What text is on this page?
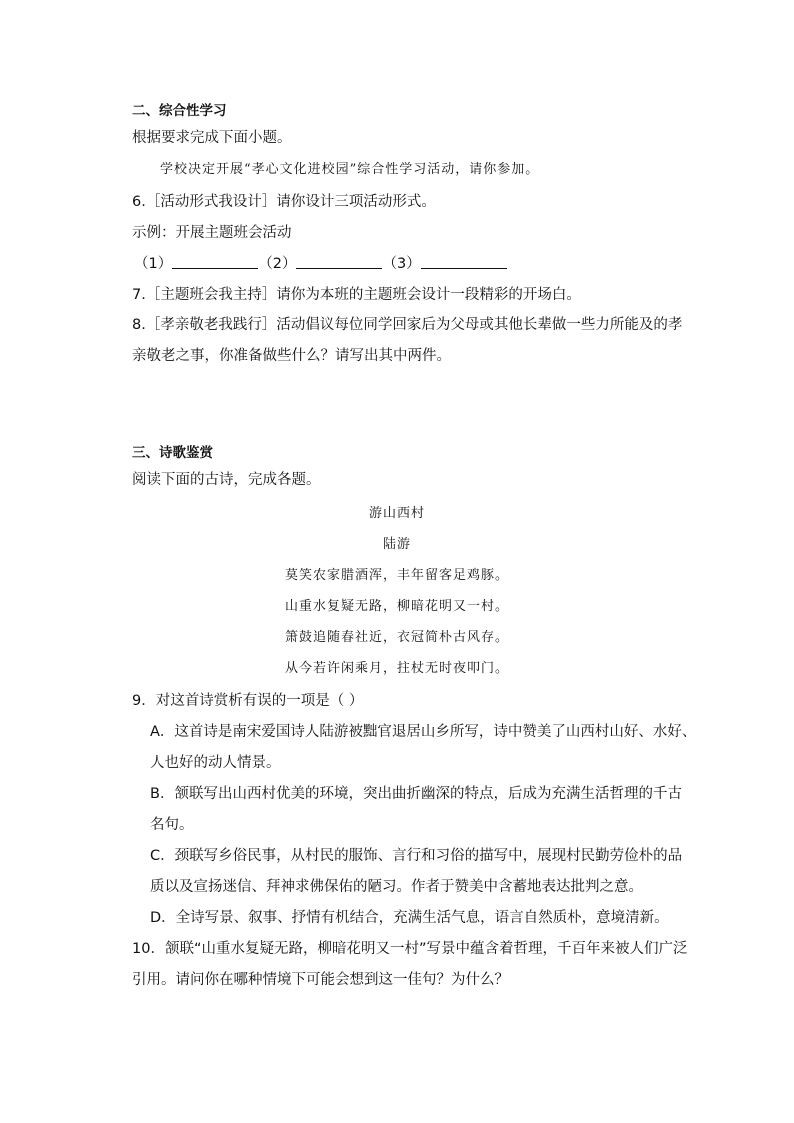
二、综合性学习
根据要求完成下面小题。
学校决定开展“孝心文化进校园”综合性学习活动，请你参加。
6.［活动形式我设计］请你设计三项活动形式。
示例：开展主题班会活动
（1）	（2）	（3）
7.［主题班会我主持］请你为本班的主题班会设计一段精彩的开场白。
8.［孝亲敬老我践行］活动倡议每位同学回家后为父母或其他长辈做一些力所能及的孝
亲敬老之事，你准备做些什么？请写出其中两件。
三、诗歌鉴赏
阅读下面的古诗，完成各题。
游山西村
陆游
莫笑农家腊酒浑，丰年留客足鸡豚。
山重水复疑无路，柳暗花明又一村。
箫鼓追随春社近，衣冠简朴古风存。
从今若许闲乘月，拄杖无时夜叩门。
9．对这首诗赏析有误的一项是（ ）
A．这首诗是南宋爱国诗人陆游被黜官退居山乡所写，诗中赞美了山西村山好、水好、
人也好的动人情景。
B．颔联写出山西村优美的环境，突出曲折幽深的特点，后成为充满生活哲理的千古
名句。
C．颈联写乡俗民事，从村民的服饰、言行和习俗的描写中，展现村民勤劳俭朴的品
质以及宣扬迷信、拜神求佛保佑的陋习。作者于赞美中含蓄地表达批判之意。
D．全诗写景、叙事、抒情有机结合，充满生活气息，语言自然质朴，意境清新。
10．颔联“山重水复疑无路，柳暗花明又一村”写景中蕴含着哲理，千百年来被人们广泛
引用。请问你在哪种情境下可能会想到这一佳句？为什么？
